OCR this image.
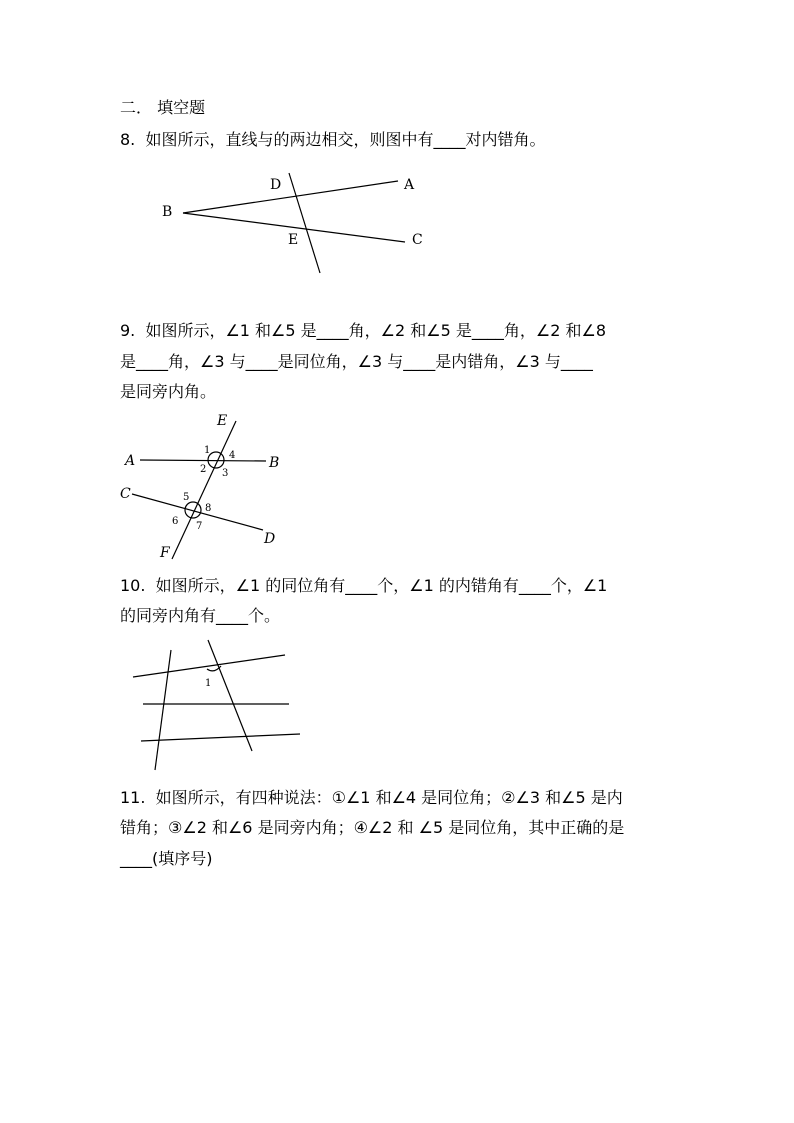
二． 填空题
8.  如图所示，直线与的两边相交，则图中有____对内错角。
D	A
B
E	C
9.  如图所示，∠1 和∠5 是____角，∠2 和∠5 是____角，∠2 和∠8
是____角，∠3 与____是同位角，∠3 与____是内错角，∠3 与____
是同旁内角。
E
A	B
C
D
F
1 4
2 3
5
8
6 7
10.  如图所示，∠1 的同位角有____个，∠1 的内错角有____个，∠1
的同旁内角有____个。
1
11.  如图所示，有四种说法：①∠1 和∠4 是同位角；②∠3 和∠5 是内
错角；③∠2 和∠6 是同旁内角；④∠2 和 ∠5 是同位角，其中正确的是
____(填序号)
